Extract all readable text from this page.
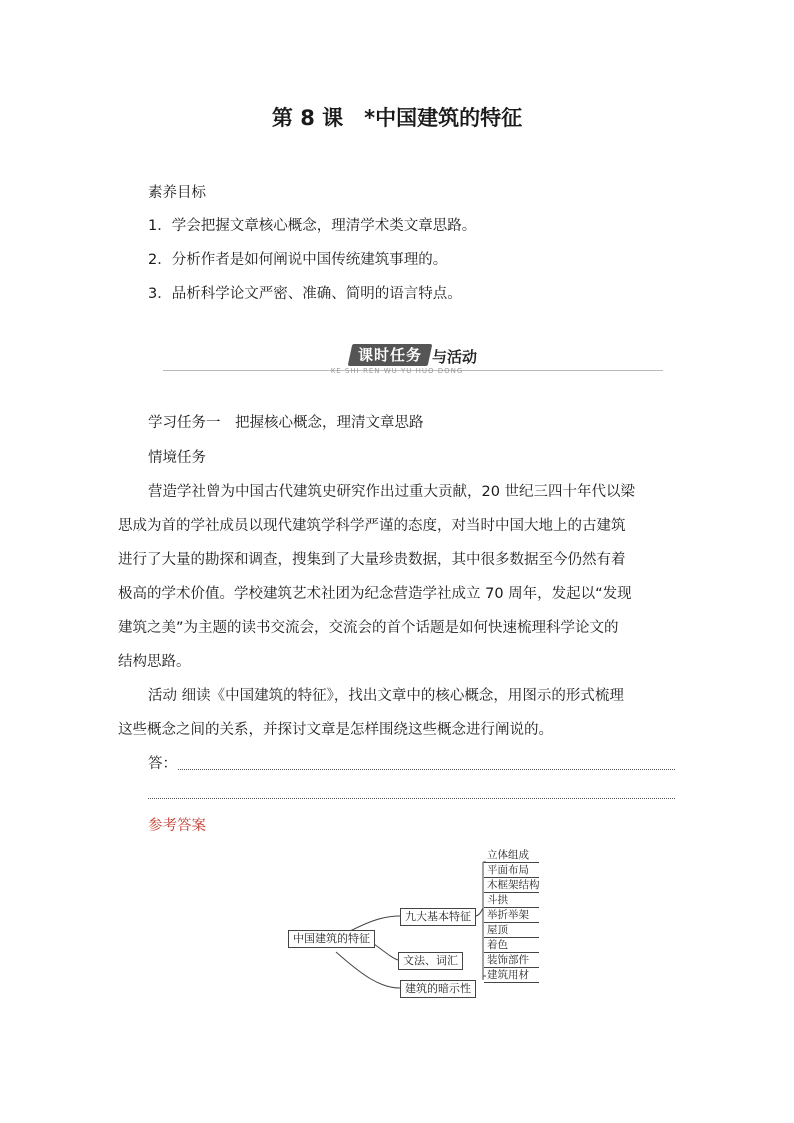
第 8 课　*中国建筑的特征
素养目标
1．学会把握文章核心概念，理清学术类文章思路。
2．分析作者是如何阐说中国传统建筑事理的。
3．品析科学论文严密、准确、简明的语言特点。
课时任务 与活动
KE SHI REN WU YU HUO DONG
学习任务一　把握核心概念，理清文章思路
情境任务
营造学社曾为中国古代建筑史研究作出过重大贡献，20 世纪三四十年代以梁
思成为首的学社成员以现代建筑学科学严谨的态度，对当时中国大地上的古建筑
进行了大量的勘探和调查，搜集到了大量珍贵数据，其中很多数据至今仍然有着
极高的学术价值。学校建筑艺术社团为纪念营造学社成立 70 周年，发起以“发现
建筑之美”为主题的读书交流会，交流会的首个话题是如何快速梳理科学论文的
结构思路。
活动 细读《中国建筑的特征》，找出文章中的核心概念，用图示的形式梳理
这些概念之间的关系，并探讨文章是怎样围绕这些概念进行阐说的。
答：
参考答案
中国建筑的特征
九大基本特征
文法、词汇
建筑的暗示性
立体组成
平面布局
木框架结构
斗拱
举折举架
屋顶
着色
装饰部件
建筑用材
